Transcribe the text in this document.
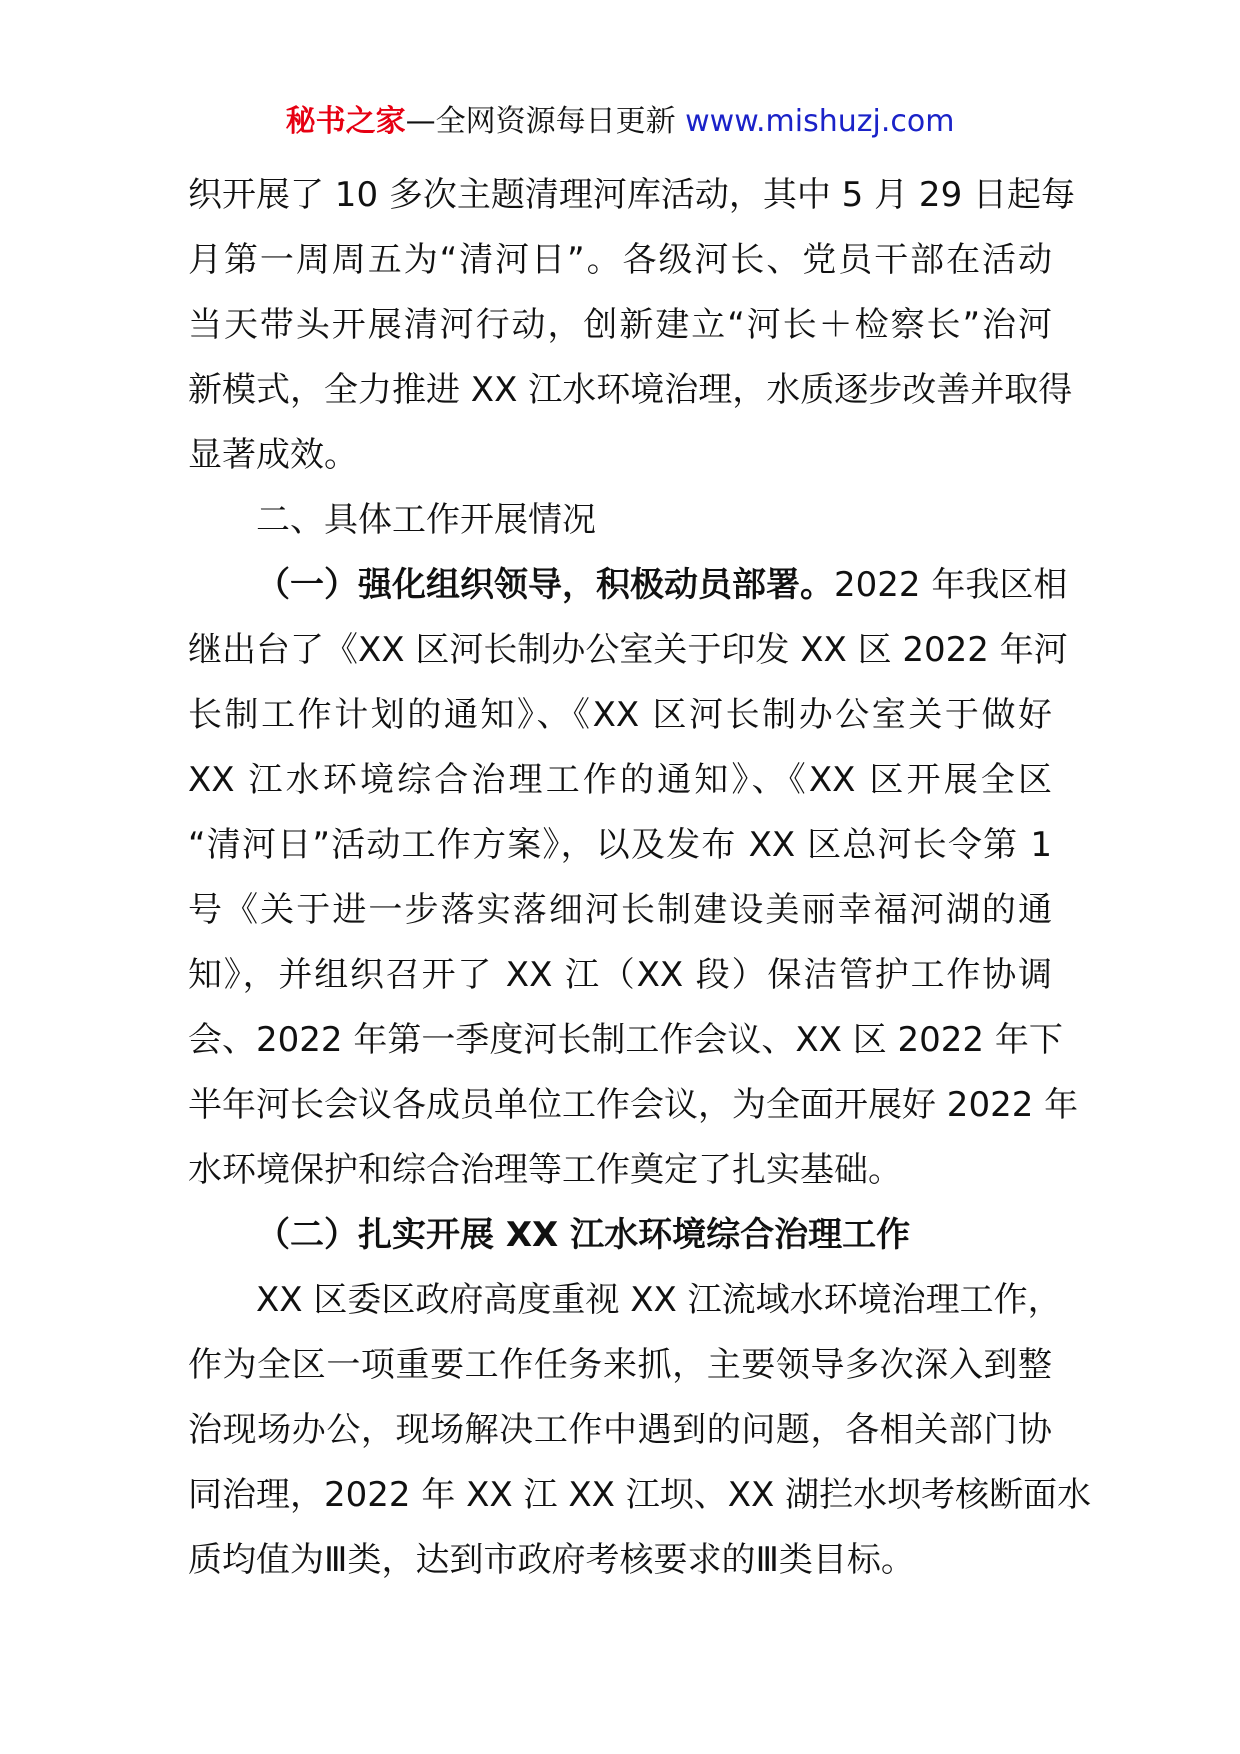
秘书之家—全网资源每日更新 www.mishuzj.com
织开展了 10 多次主题清理河库活动，其中 5 月 29 日起每
月第一周周五为“清河日”。各级河长、党员干部在活动
当天带头开展清河行动，创新建立“河长＋检察长”治河
新模式，全力推进 XX 江水环境治理，水质逐步改善并取得
显著成效。
二、具体工作开展情况
（一）强化组织领导，积极动员部署。2022 年我区相
继出台了《XX 区河长制办公室关于印发 XX 区 2022 年河
长制工作计划的通知》、《XX 区河长制办公室关于做好
XX 江水环境综合治理工作的通知》、《XX 区开展全区
“清河日”活动工作方案》，以及发布 XX 区总河长令第 1
号《关于进一步落实落细河长制建设美丽幸福河湖的通
知》，并组织召开了 XX 江（XX 段）保洁管护工作协调
会、2022 年第一季度河长制工作会议、XX 区 2022 年下
半年河长会议各成员单位工作会议，为全面开展好 2022 年
水环境保护和综合治理等工作奠定了扎实基础。
（二）扎实开展 XX 江水环境综合治理工作
XX 区委区政府高度重视 XX 江流域水环境治理工作，
作为全区一项重要工作任务来抓，主要领导多次深入到整
治现场办公，现场解决工作中遇到的问题，各相关部门协
同治理，2022 年 XX 江 XX 江坝、XX 湖拦水坝考核断面水
质均值为Ⅲ类，达到市政府考核要求的Ⅲ类目标。
